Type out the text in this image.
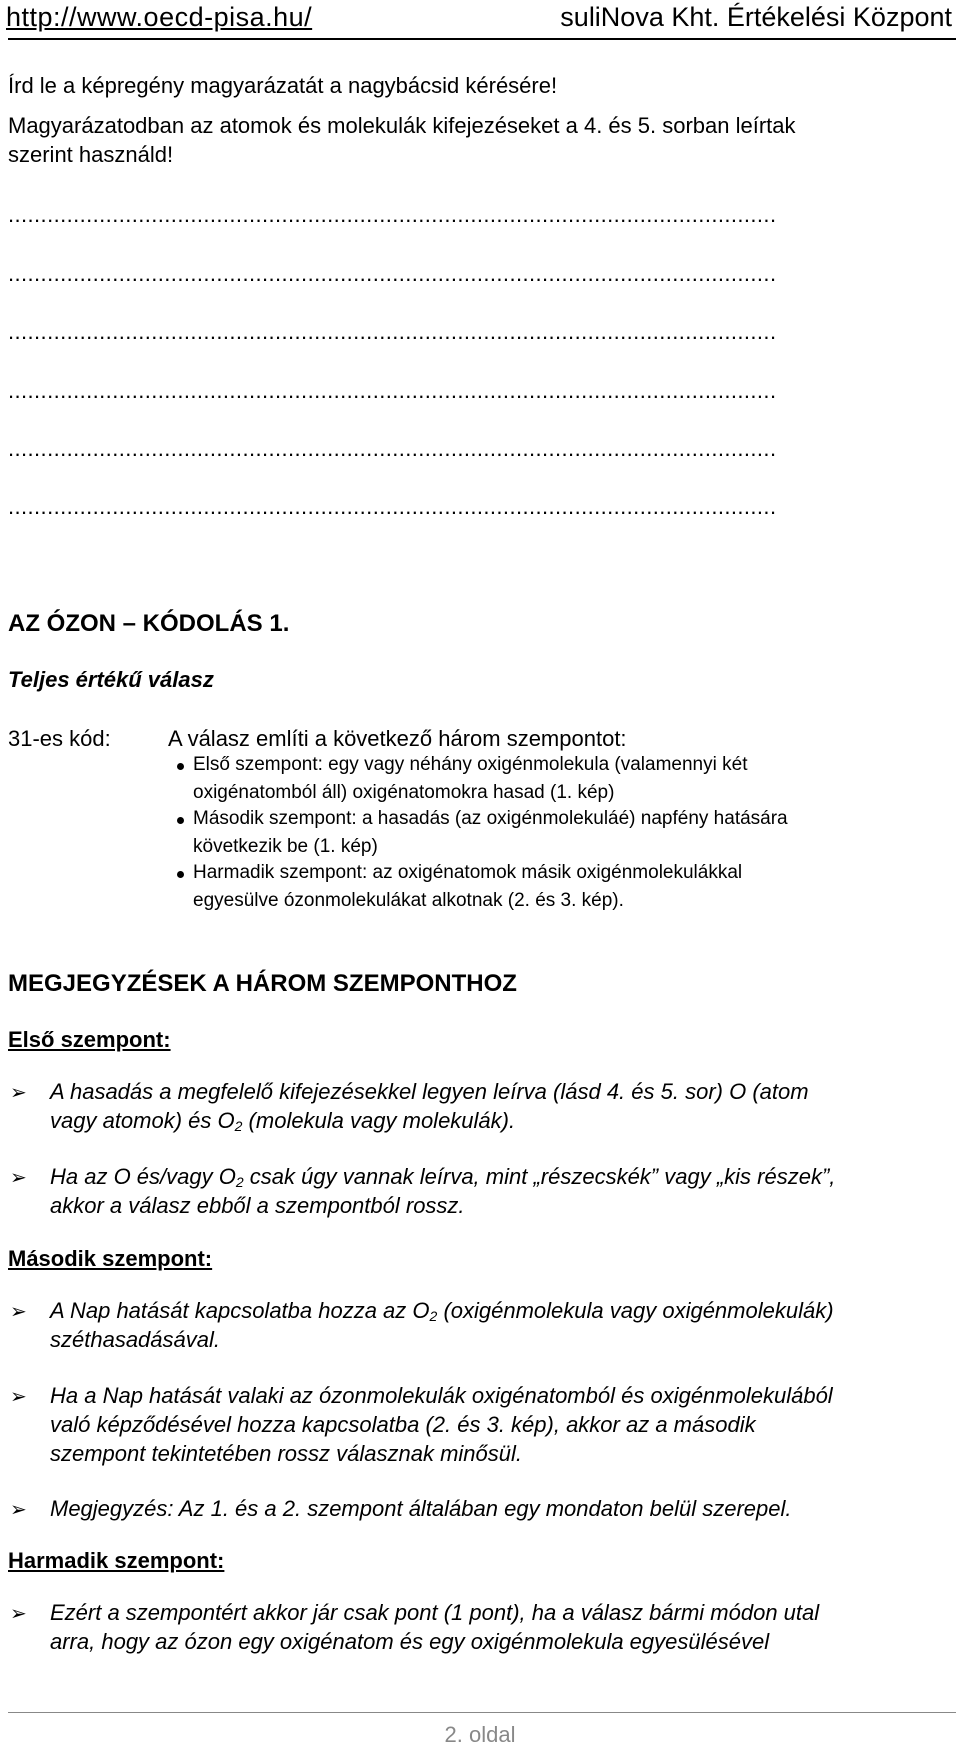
http://www.oecd-pisa.hu/	suliNova Kht. Értékelési Központ
Írd le a képregény magyarázatát a nagybácsid kérésére!
Magyarázatodban az atomok és molekulák kifejezéseket a 4. és 5. sorban leírtak
szerint használd!
......................................................................................................................
......................................................................................................................
......................................................................................................................
......................................................................................................................
......................................................................................................................
......................................................................................................................
AZ ÓZON – KÓDOLÁS 1.
Teljes értékű válasz
31-es kód:	A válasz említi a következő három szempontot:
Első szempont: egy vagy néhány oxigénmolekula (valamennyi két
oxigénatomból áll) oxigénatomokra hasad (1. kép)
Második szempont: a hasadás (az oxigénmolekuláé) napfény hatására
következik be (1. kép)
Harmadik szempont: az oxigénatomok másik oxigénmolekulákkal
egyesülve ózonmolekulákat alkotnak (2. és 3. kép).
MEGJEGYZÉSEK A HÁROM SZEMPONTHOZ
Első szempont:
➢ A hasadás a megfelelő kifejezésekkel legyen leírva (lásd 4. és 5. sor) O (atom
vagy atomok) és $O_2$ (molekula vagy molekulák).
➢ Ha az O és/vagy $O_2$ csak úgy vannak leírva, mint „részecskék” vagy „kis részek”,
akkor a válasz ebből a szempontból rossz.
Második szempont:
➢ A Nap hatását kapcsolatba hozza az $O_2$ (oxigénmolekula vagy oxigénmolekulák)
széthasadásával.
➢ Ha a Nap hatását valaki az ózonmolekulák oxigénatomból és oxigénmolekulából
való képződésével hozza kapcsolatba (2. és 3. kép), akkor az a második
szempont tekintetében rossz válasznak minősül.
➢ Megjegyzés: Az 1. és a 2. szempont általában egy mondaton belül szerepel.
Harmadik szempont:
➢ Ezért a szempontért akkor jár csak pont (1 pont), ha a válasz bármi módon utal
arra, hogy az ózon egy oxigénatom és egy oxigénmolekula egyesülésével
2. oldal
